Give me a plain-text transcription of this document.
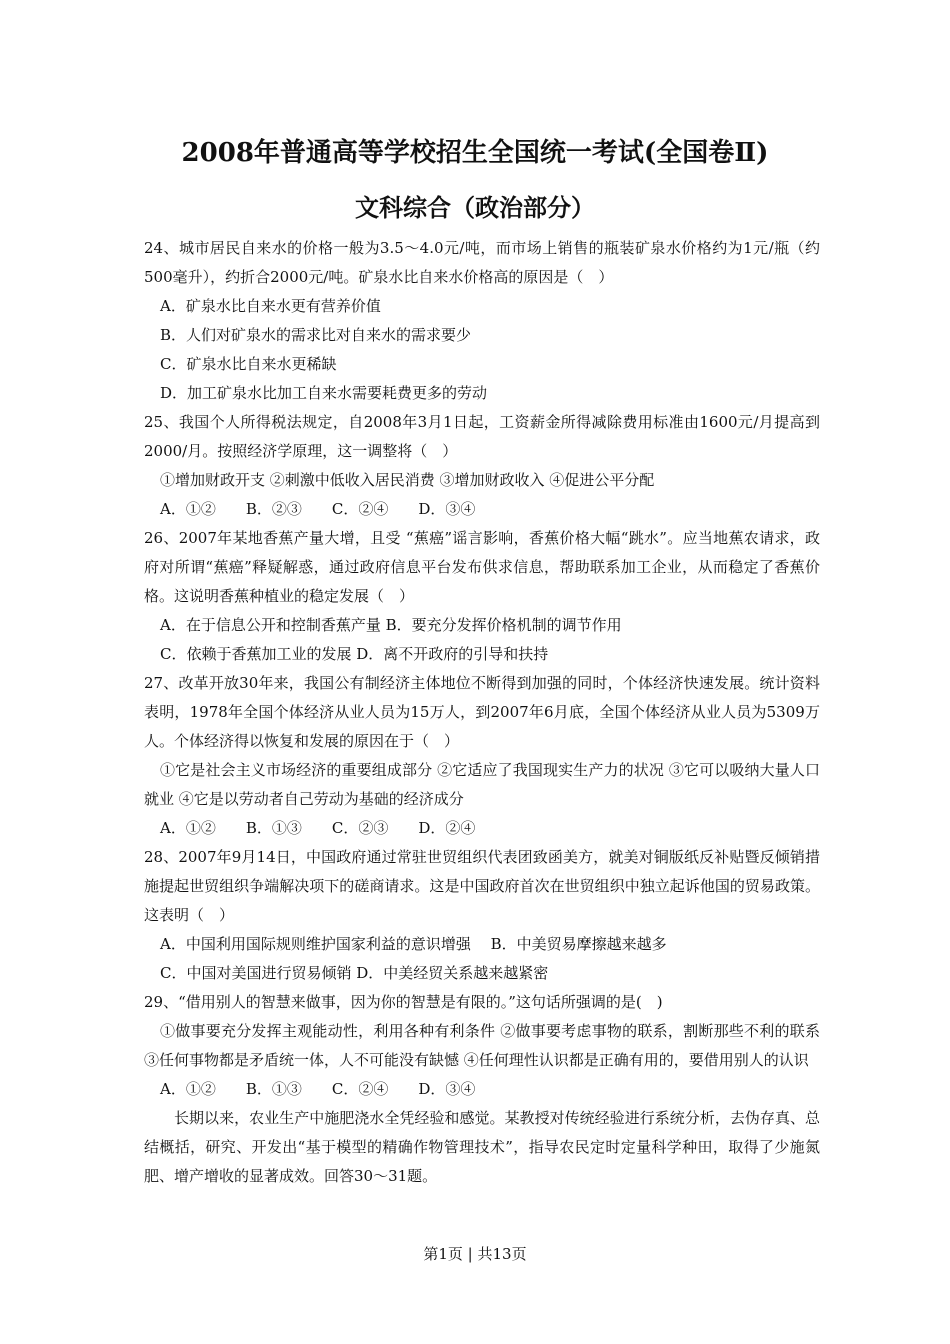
2008年普通高等学校招生全国统一考试(全国卷Ⅱ)
文科综合（政治部分）

24、城市居民自来水的价格一般为3.5～4.0元/吨，而市场上销售的瓶装矿泉水价格约为1元/瓶（约500毫升），约折合2000元/吨。矿泉水比自来水价格高的原因是（　）

A．矿泉水比自来水更有营养价值

B．人们对矿泉水的需求比对自来水的需求要少

C．矿泉水比自来水更稀缺

D．加工矿泉水比加工自来水需要耗费更多的劳动

25、我国个人所得税法规定，自2008年3月1日起，工资薪金所得减除费用标准由1600元/月提高到2000/月。按照经济学原理，这一调整将（　）

①增加财政开支 ②刺激中低收入居民消费 ③增加财政收入 ④促进公平分配

A．①②　　B．②③　　C．②④　　D．③④

26、2007年某地香蕉产量大增，且受 “蕉癌”谣言影响，香蕉价格大幅“跳水”。应当地蕉农请求，政府对所谓“蕉癌”释疑解惑，通过政府信息平台发布供求信息，帮助联系加工企业，从而稳定了香蕉价格。这说明香蕉种植业的稳定发展（　）

A．在于信息公开和控制香蕉产量 B．要充分发挥价格机制的调节作用

C．依赖于香蕉加工业的发展 D．离不开政府的引导和扶持

27、改革开放30年来，我国公有制经济主体地位不断得到加强的同时，个体经济快速发展。统计资料表明，1978年全国个体经济从业人员为15万人，到2007年6月底，全国个体经济从业人员为5309万人。个体经济得以恢复和发展的原因在于（　）

①它是社会主义市场经济的重要组成部分 ②它适应了我国现实生产力的状况 ③它可以吸纳大量人口就业 ④它是以劳动者自己劳动为基础的经济成分

A．①②　　B．①③　　C．②③　　D．②④

28、2007年9月14日，中国政府通过常驻世贸组织代表团致函美方，就美对铜版纸反补贴暨反倾销措施提起世贸组织争端解决项下的磋商请求。这是中国政府首次在世贸组织中独立起诉他国的贸易政策。这表明（　）

A．中国利用国际规则维护国家利益的意识增强　 B．中美贸易摩擦越来越多

C．中国对美国进行贸易倾销 D．中美经贸关系越来越紧密

29、“借用别人的智慧来做事，因为你的智慧是有限的。”这句话所强调的是(　)

①做事要充分发挥主观能动性，利用各种有利条件 ②做事要考虑事物的联系，割断那些不利的联系 ③任何事物都是矛盾统一体，人不可能没有缺憾 ④任何理性认识都是正确有用的，要借用别人的认识

A．①②　　B．①③　　C．②④　　D．③④

长期以来，农业生产中施肥浇水全凭经验和感觉。某教授对传统经验进行系统分析，去伪存真、总结概括，研究、开发出“基于模型的精确作物管理技术”，指导农民定时定量科学种田，取得了少施氮肥、增产增收的显著成效。回答30～31题。

第1页 | 共13页
